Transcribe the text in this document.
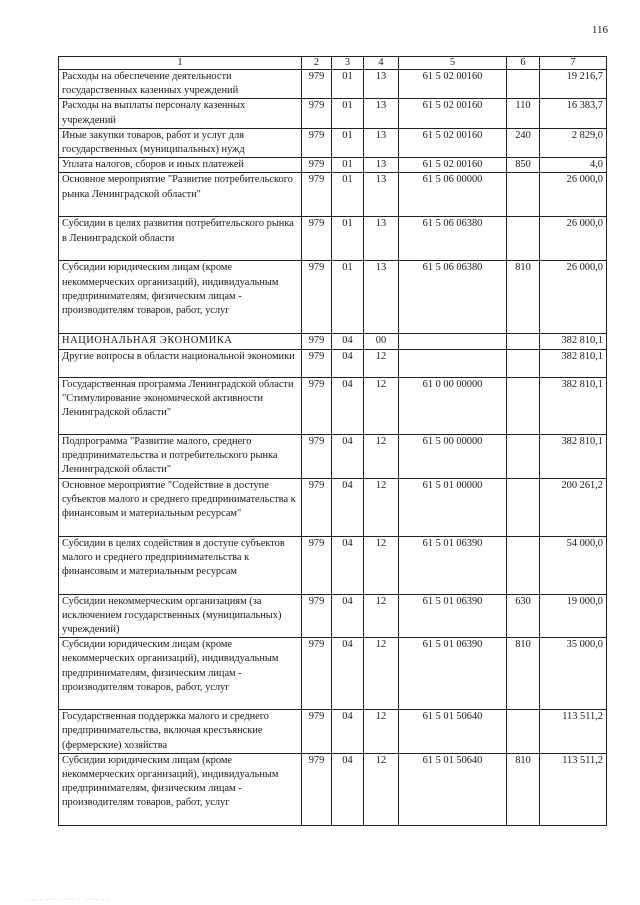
116
1	2	3	4	5	6	7
Расходы на обеспечение деятельности государственных казенных учреждений	979	01	13	61 5 02 00160		19 216,7
Расходы на выплаты персоналу казенных учреждений	979	01	13	61 5 02 00160	110	16 383,7
Иные закупки товаров, работ и услуг для государственных (муниципальных) нужд	979	01	13	61 5 02 00160	240	2 829,0
Уплата налогов, сборов и иных платежей	979	01	13	61 5 02 00160	850	4,0
Основное мероприятие "Развитие потребительского рынка Ленинградской области"	979	01	13	61 5 06 00000		26 000,0
Субсидии в целях развития потребительского рынка в Ленинградской области	979	01	13	61 5 06 06380		26 000,0
Субсидии юридическим лицам (кроме некоммерческих организаций), индивидуальным предпринимателям, физическим лицам - производителям товаров, работ, услуг	979	01	13	61 5 06 06380	810	26 000,0
НАЦИОНАЛЬНАЯ ЭКОНОМИКА	979	04	00			382 810,1
Другие вопросы в области национальной экономики	979	04	12			382 810,1
Государственная программа Ленинградской области "Стимулирование экономической активности Ленинградской области"	979	04	12	61 0 00 00000		382 810,1
Подпрограмма "Развитие малого, среднего предпринимательства и потребительского рынка Ленинградской области"	979	04	12	61 5 00 00000		382 810,1
Основное мероприятие "Содействие в доступе субъектов малого и среднего предпринимательства к финансовым и материальным ресурсам"	979	04	12	61 5 01 00000		200 261,2
Субсидии в целях содействия в доступе субъектов малого и среднего предпринимательства к финансовым и материальным ресурсам	979	04	12	61 5 01 06390		54 000,0
Субсидии некоммерческим организациям (за исключением государственных (муниципальных) учреждений)	979	04	12	61 5 01 06390	630	19 000,0
Субсидии юридическим лицам (кроме некоммерческих организаций), индивидуальным предпринимателям, физическим лицам - производителям товаров, работ, услуг	979	04	12	61 5 01 06390	810	35 000,0
Государственная поддержка малого и среднего предпринимательства, включая крестьянские (фермерские) хозяйства	979	04	12	61 5 01 50640		113 511,2
Субсидии юридическим лицам (кроме некоммерческих организаций), индивидуальным предпринимателям, физическим лицам - производителям товаров, работ, услуг	979	04	12	61 5 01 50640	810	113 511,2
. ,.. ... ...... .... ..
